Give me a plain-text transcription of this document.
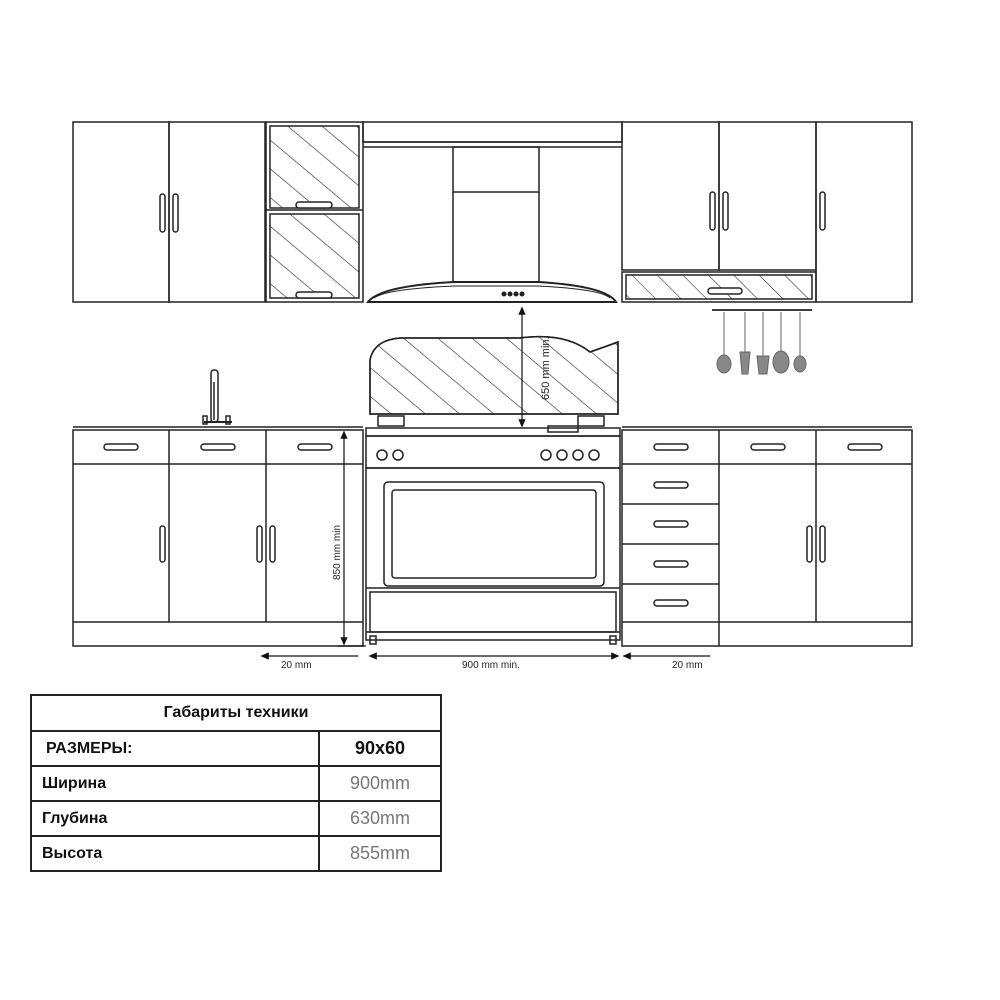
650 mm min.
850 mm min
20 mm	900 mm min.	20 mm
Габариты техники	
РАЗМЕРЫ:	90x60
Ширина	900mm
Глубина	630mm
Высота	855mm
